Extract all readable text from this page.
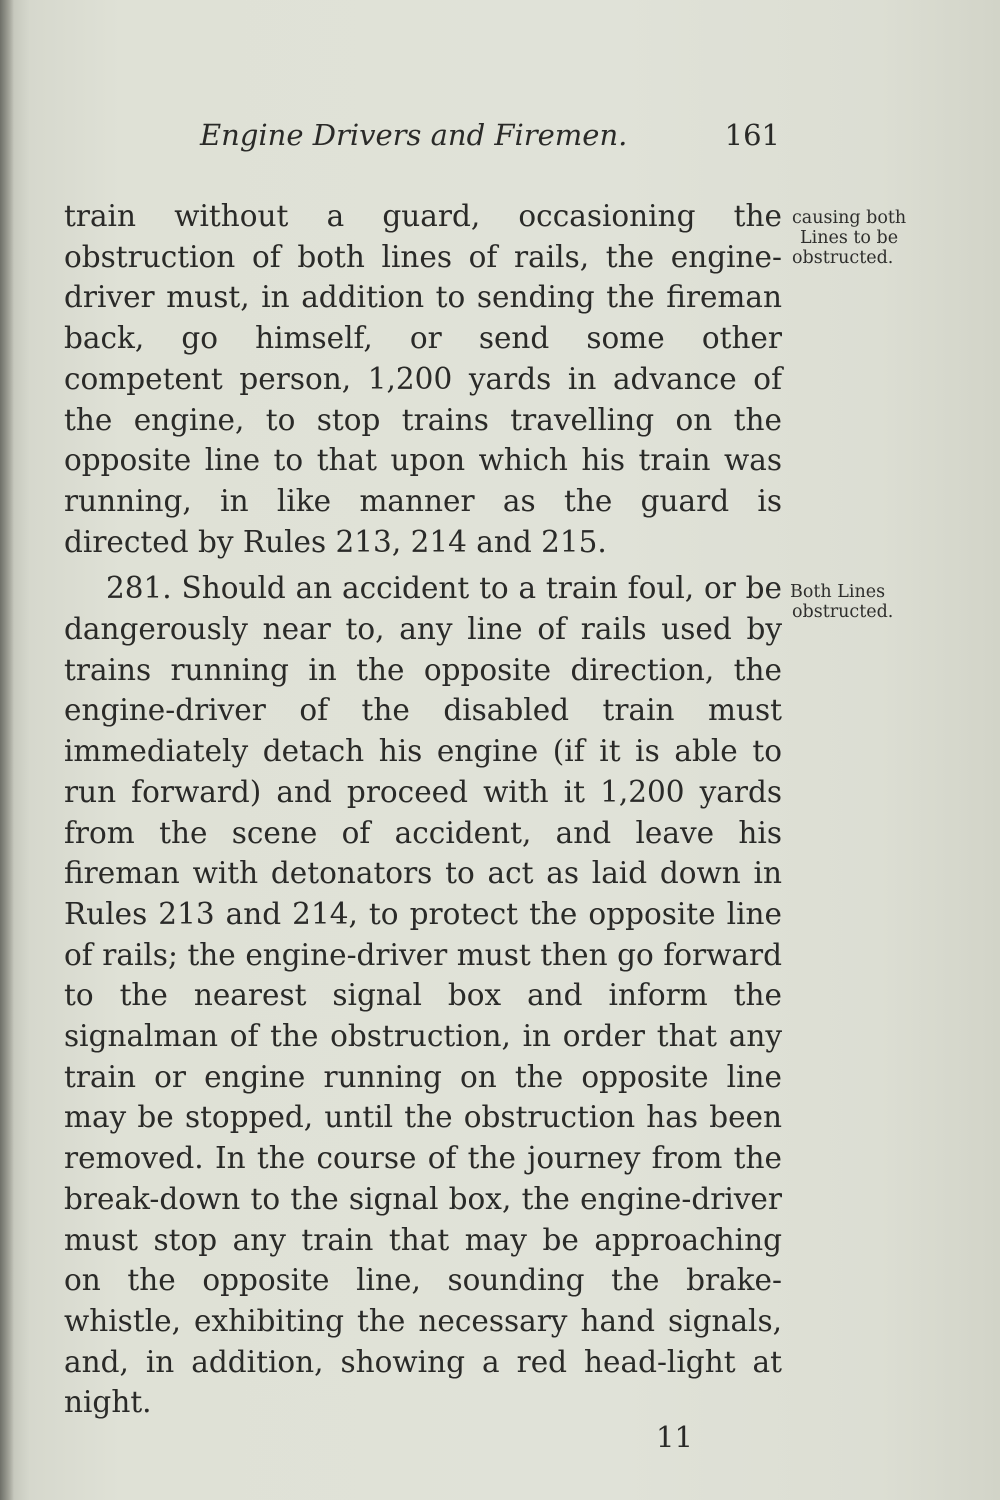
Engine Drivers and Firemen.	161

train without a guard, occasioning the obstruction of both lines of rails, the engine-driver must, in addition to sending the fireman back, go himself, or send some other competent person, 1,200 yards in advance of the engine, to stop trains travelling on the opposite line to that upon which his train was running, in like manner as the guard is directed by Rules 213, 214 and 215.

281. Should an accident to a train foul, or be dangerously near to, any line of rails used by trains running in the opposite direction, the engine-driver of the disabled train must immediately detach his engine (if it is able to run forward) and proceed with it 1,200 yards from the scene of accident, and leave his fireman with detonators to act as laid down in Rules 213 and 214, to protect the opposite line of rails; the engine-driver must then go forward to the nearest signal box and inform the signalman of the obstruction, in order that any train or engine running on the opposite line may be stopped, until the obstruction has been removed. In the course of the journey from the break-down to the signal box, the engine-driver must stop any train that may be approaching on the opposite line, sounding the brake-whistle, exhibiting the necessary hand signals, and, in addition, showing a red head-light at night.

causing both
Lines to be
obstructed.
Both Lines
obstructed.
11
